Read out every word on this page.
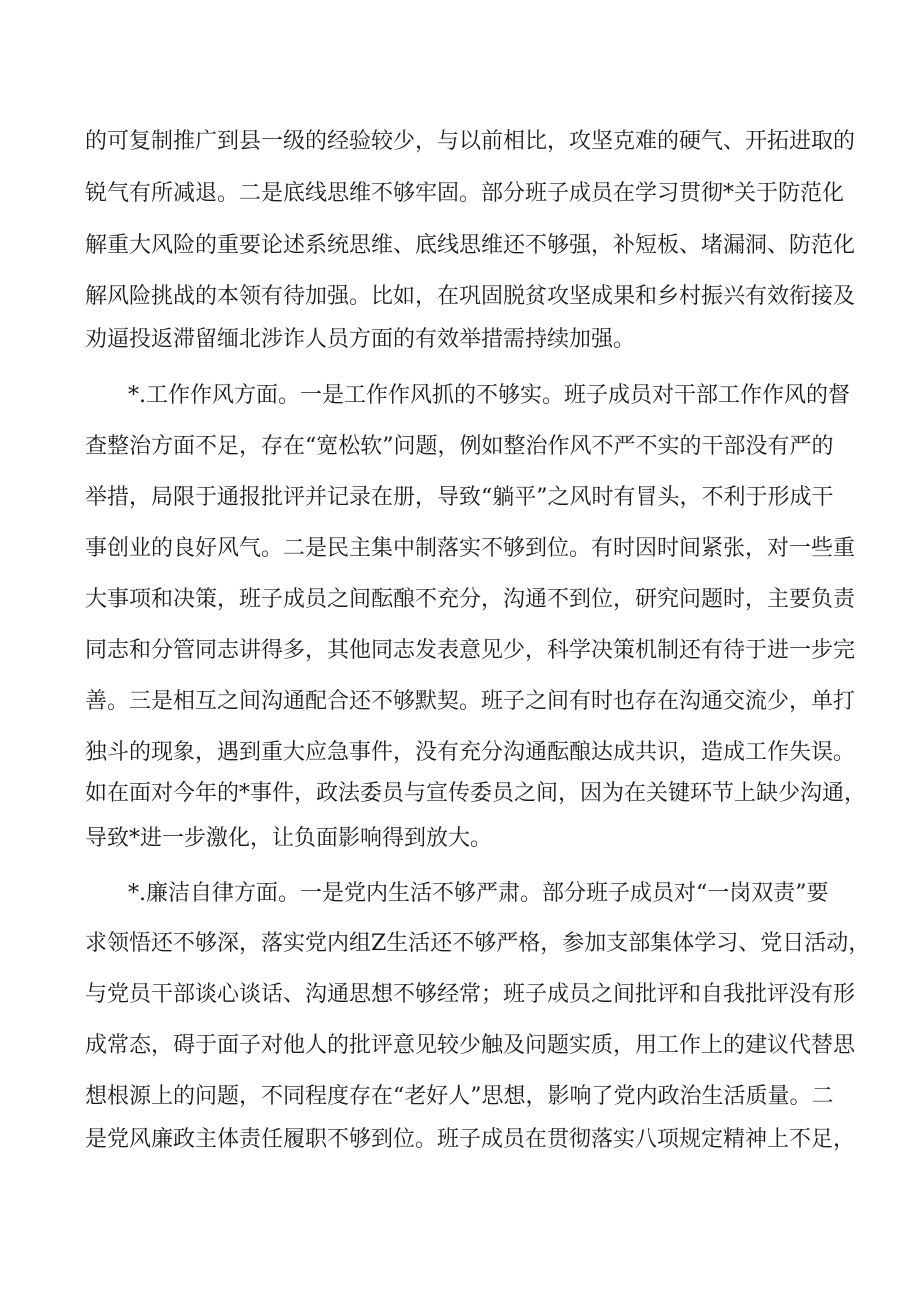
的可复制推广到县一级的经验较少，与以前相比，攻坚克难的硬气、开拓进取的
锐气有所减退。二是底线思维不够牢固。部分班子成员在学习贯彻*关于防范化
解重大风险的重要论述系统思维、底线思维还不够强，补短板、堵漏洞、防范化
解风险挑战的本领有待加强。比如，在巩固脱贫攻坚成果和乡村振兴有效衔接及
劝逼投返滞留缅北涉诈人员方面的有效举措需持续加强。
*.工作作风方面。一是工作作风抓的不够实。班子成员对干部工作作风的督
查整治方面不足，存在“宽松软”问题，例如整治作风不严不实的干部没有严的
举措，局限于通报批评并记录在册，导致“躺平”之风时有冒头，不利于形成干
事创业的良好风气。二是民主集中制落实不够到位。有时因时间紧张，对一些重
大事项和决策，班子成员之间酝酿不充分，沟通不到位，研究问题时，主要负责
同志和分管同志讲得多，其他同志发表意见少，科学决策机制还有待于进一步完
善。三是相互之间沟通配合还不够默契。班子之间有时也存在沟通交流少，单打
独斗的现象，遇到重大应急事件，没有充分沟通酝酿达成共识，造成工作失误。
如在面对今年的*事件，政法委员与宣传委员之间，因为在关键环节上缺少沟通，
导致*进一步激化，让负面影响得到放大。
*.廉洁自律方面。一是党内生活不够严肃。部分班子成员对“一岗双责”要
求领悟还不够深，落实党内组Z生活还不够严格，参加支部集体学习、党日活动，
与党员干部谈心谈话、沟通思想不够经常；班子成员之间批评和自我批评没有形
成常态，碍于面子对他人的批评意见较少触及问题实质，用工作上的建议代替思
想根源上的问题，不同程度存在“老好人”思想，影响了党内政治生活质量。二
是党风廉政主体责任履职不够到位。班子成员在贯彻落实八项规定精神上不足，
